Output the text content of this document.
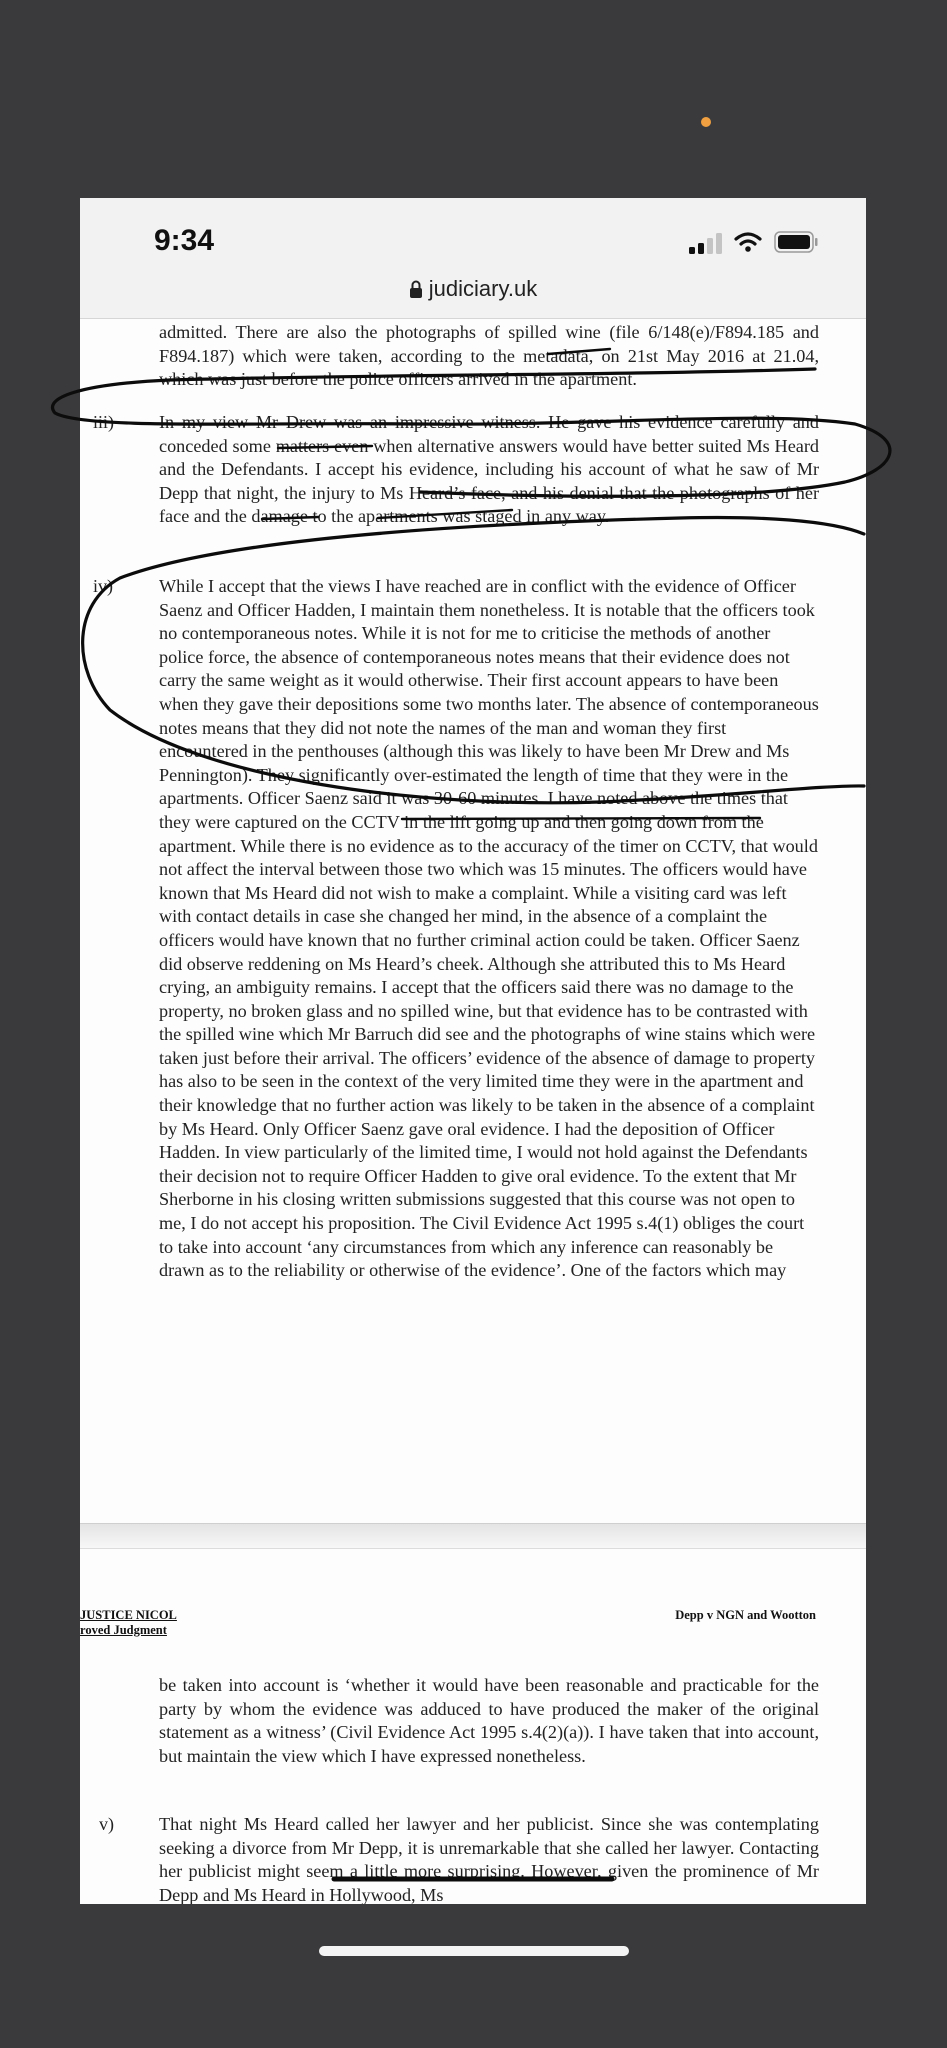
9:34
judiciary.uk

admitted. There are also the photographs of spilled wine (file 6/148(e)/F894.185 and F894.187) which were taken, according to the metadata, on 21st May 2016 at 21.04, which was just before the police officers arrived in the apartment.

iii) In my view Mr Drew was an impressive witness. He gave his evidence carefully and conceded some matters even when alternative answers would have better suited Ms Heard and the Defendants. I accept his evidence, including his account of what he saw of Mr Depp that night, the injury to Ms Heard’s face, and his denial that the photographs of her face and the damage to the apartments was staged in any way.

iv)	While I accept that the views I have reached are in conflict with the evidence of Officer Saenz and Officer Hadden, I maintain them nonetheless. It is notable that the officers took no contemporaneous notes. While it is not for me to criticise the methods of another police force, the absence of contemporaneous notes means that their evidence does not carry the same weight as it would otherwise. Their first account appears to have been when they gave their depositions some two months later. The absence of contemporaneous notes means that they did not note the names of the man and woman they first encountered in the penthouses (although this was likely to have been Mr Drew and Ms Pennington). They significantly over-estimated the length of time that they were in the apartments. Officer Saenz said it was 30-60 minutes. I have noted above the times that they were captured on the CCTV in the lift going up and then going down from the apartment. While there is no evidence as to the accuracy of the timer on CCTV, that would not affect the interval between those two which was 15 minutes. The officers would have known that Ms Heard did not wish to make a complaint. While a visiting card was left with contact details in case she changed her mind, in the absence of a complaint the officers would have known that no further criminal action could be taken. Officer Saenz did observe reddening on Ms Heard’s cheek. Although she attributed this to Ms Heard crying, an ambiguity remains. I accept that the officers said there was no damage to the property, no broken glass and no spilled wine, but that evidence has to be contrasted with the spilled wine which Mr Barruch did see and the photographs of wine stains which were taken just before their arrival. The officers’ evidence of the absence of damage to property has also to be seen in the context of the very limited time they were in the apartment and their knowledge that no further action was likely to be taken in the absence of a complaint by Ms Heard. Only Officer Saenz gave oral evidence. I had the deposition of Officer Hadden. In view particularly of the limited time, I would not hold against the Defendants their decision not to require Officer Hadden to give oral evidence. To the extent that Mr Sherborne in his closing written submissions suggested that this course was not open to me, I do not accept his proposition. The Civil Evidence Act 1995 s.4(1) obliges the court to take into account ‘any circumstances from which any inference can reasonably be drawn as to the reliability or otherwise of the evidence’. One of the factors which may

JUSTICE NICOL
roved Judgment
Depp v NGN and Wootton

be taken into account is ‘whether it would have been reasonable and practicable for the party by whom the evidence was adduced to have produced the maker of the original statement as a witness’ (Civil Evidence Act 1995 s.4(2)(a)). I have taken that into account, but maintain the view which I have expressed nonetheless.

v) That night Ms Heard called her lawyer and her publicist. Since she was contemplating seeking a divorce from Mr Depp, it is unremarkable that she called her lawyer. Contacting her publicist might seem a little more surprising. However, given the prominence of Mr Depp and Ms Heard in Hollywood, Ms
